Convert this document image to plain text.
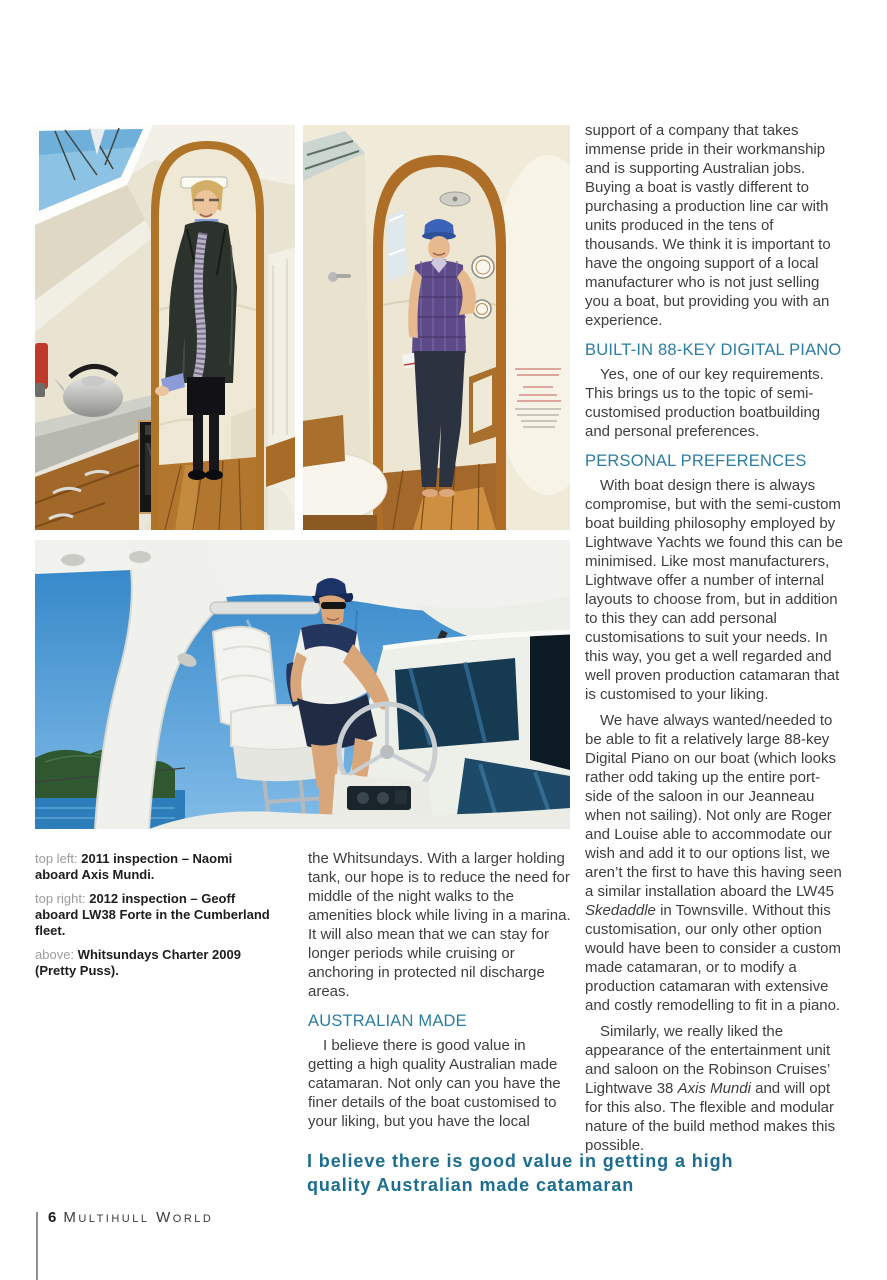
top left: 2011 inspection – Naomi aboard Axis Mundi.

top right: 2012 inspection – Geoff aboard LW38 Forte in the Cumberland fleet.

above: Whitsundays Charter 2009 (Pretty Puss).

the Whitsundays. With a larger holding tank, our hope is to reduce the need for middle of the night walks to the amenities block while living in a marina. It will also mean that we can stay for longer periods while cruising or anchoring in protected nil discharge areas.

AUSTRALIAN MADE

I believe there is good value in getting a high quality Australian made catamaran. Not only can you have the finer details of the boat customised to your liking, but you have the local

support of a company that takes immense pride in their workmanship and is supporting Australian jobs. Buying a boat is vastly different to purchasing a production line car with units produced in the tens of thousands. We think it is important to have the ongoing support of a local manufacturer who is not just selling you a boat, but providing you with an experience.

BUILT-IN 88-KEY DIGITAL PIANO

Yes, one of our key requirements. This brings us to the topic of semi-customised production boatbuilding and personal preferences.

PERSONAL PREFERENCES

With boat design there is always compromise, but with the semi-custom boat building philosophy employed by Lightwave Yachts we found this can be minimised. Like most manufacturers, Lightwave offer a number of internal layouts to choose from, but in addition to this they can add personal customisations to suit your needs. In this way, you get a well regarded and well proven production catamaran that is customised to your liking.

We have always wanted/needed to be able to fit a relatively large 88-key Digital Piano on our boat (which looks rather odd taking up the entire port-side of the saloon in our Jeanneau when not sailing). Not only are Roger and Louise able to accommodate our wish and add it to our options list, we aren’t the first to have this having seen a similar installation aboard the LW45 Skedaddle in Townsville. Without this customisation, our only other option would have been to consider a custom made catamaran, or to modify a production catamaran with extensive and costly remodelling to fit in a piano.

Similarly, we really liked the appearance of the entertainment unit and saloon on the Robinson Cruises’ Lightwave 38 Axis Mundi and will opt for this also. The flexible and modular nature of the build method makes this possible.

I believe there is good value in getting a high quality Australian made catamaran
6 Multihull World
